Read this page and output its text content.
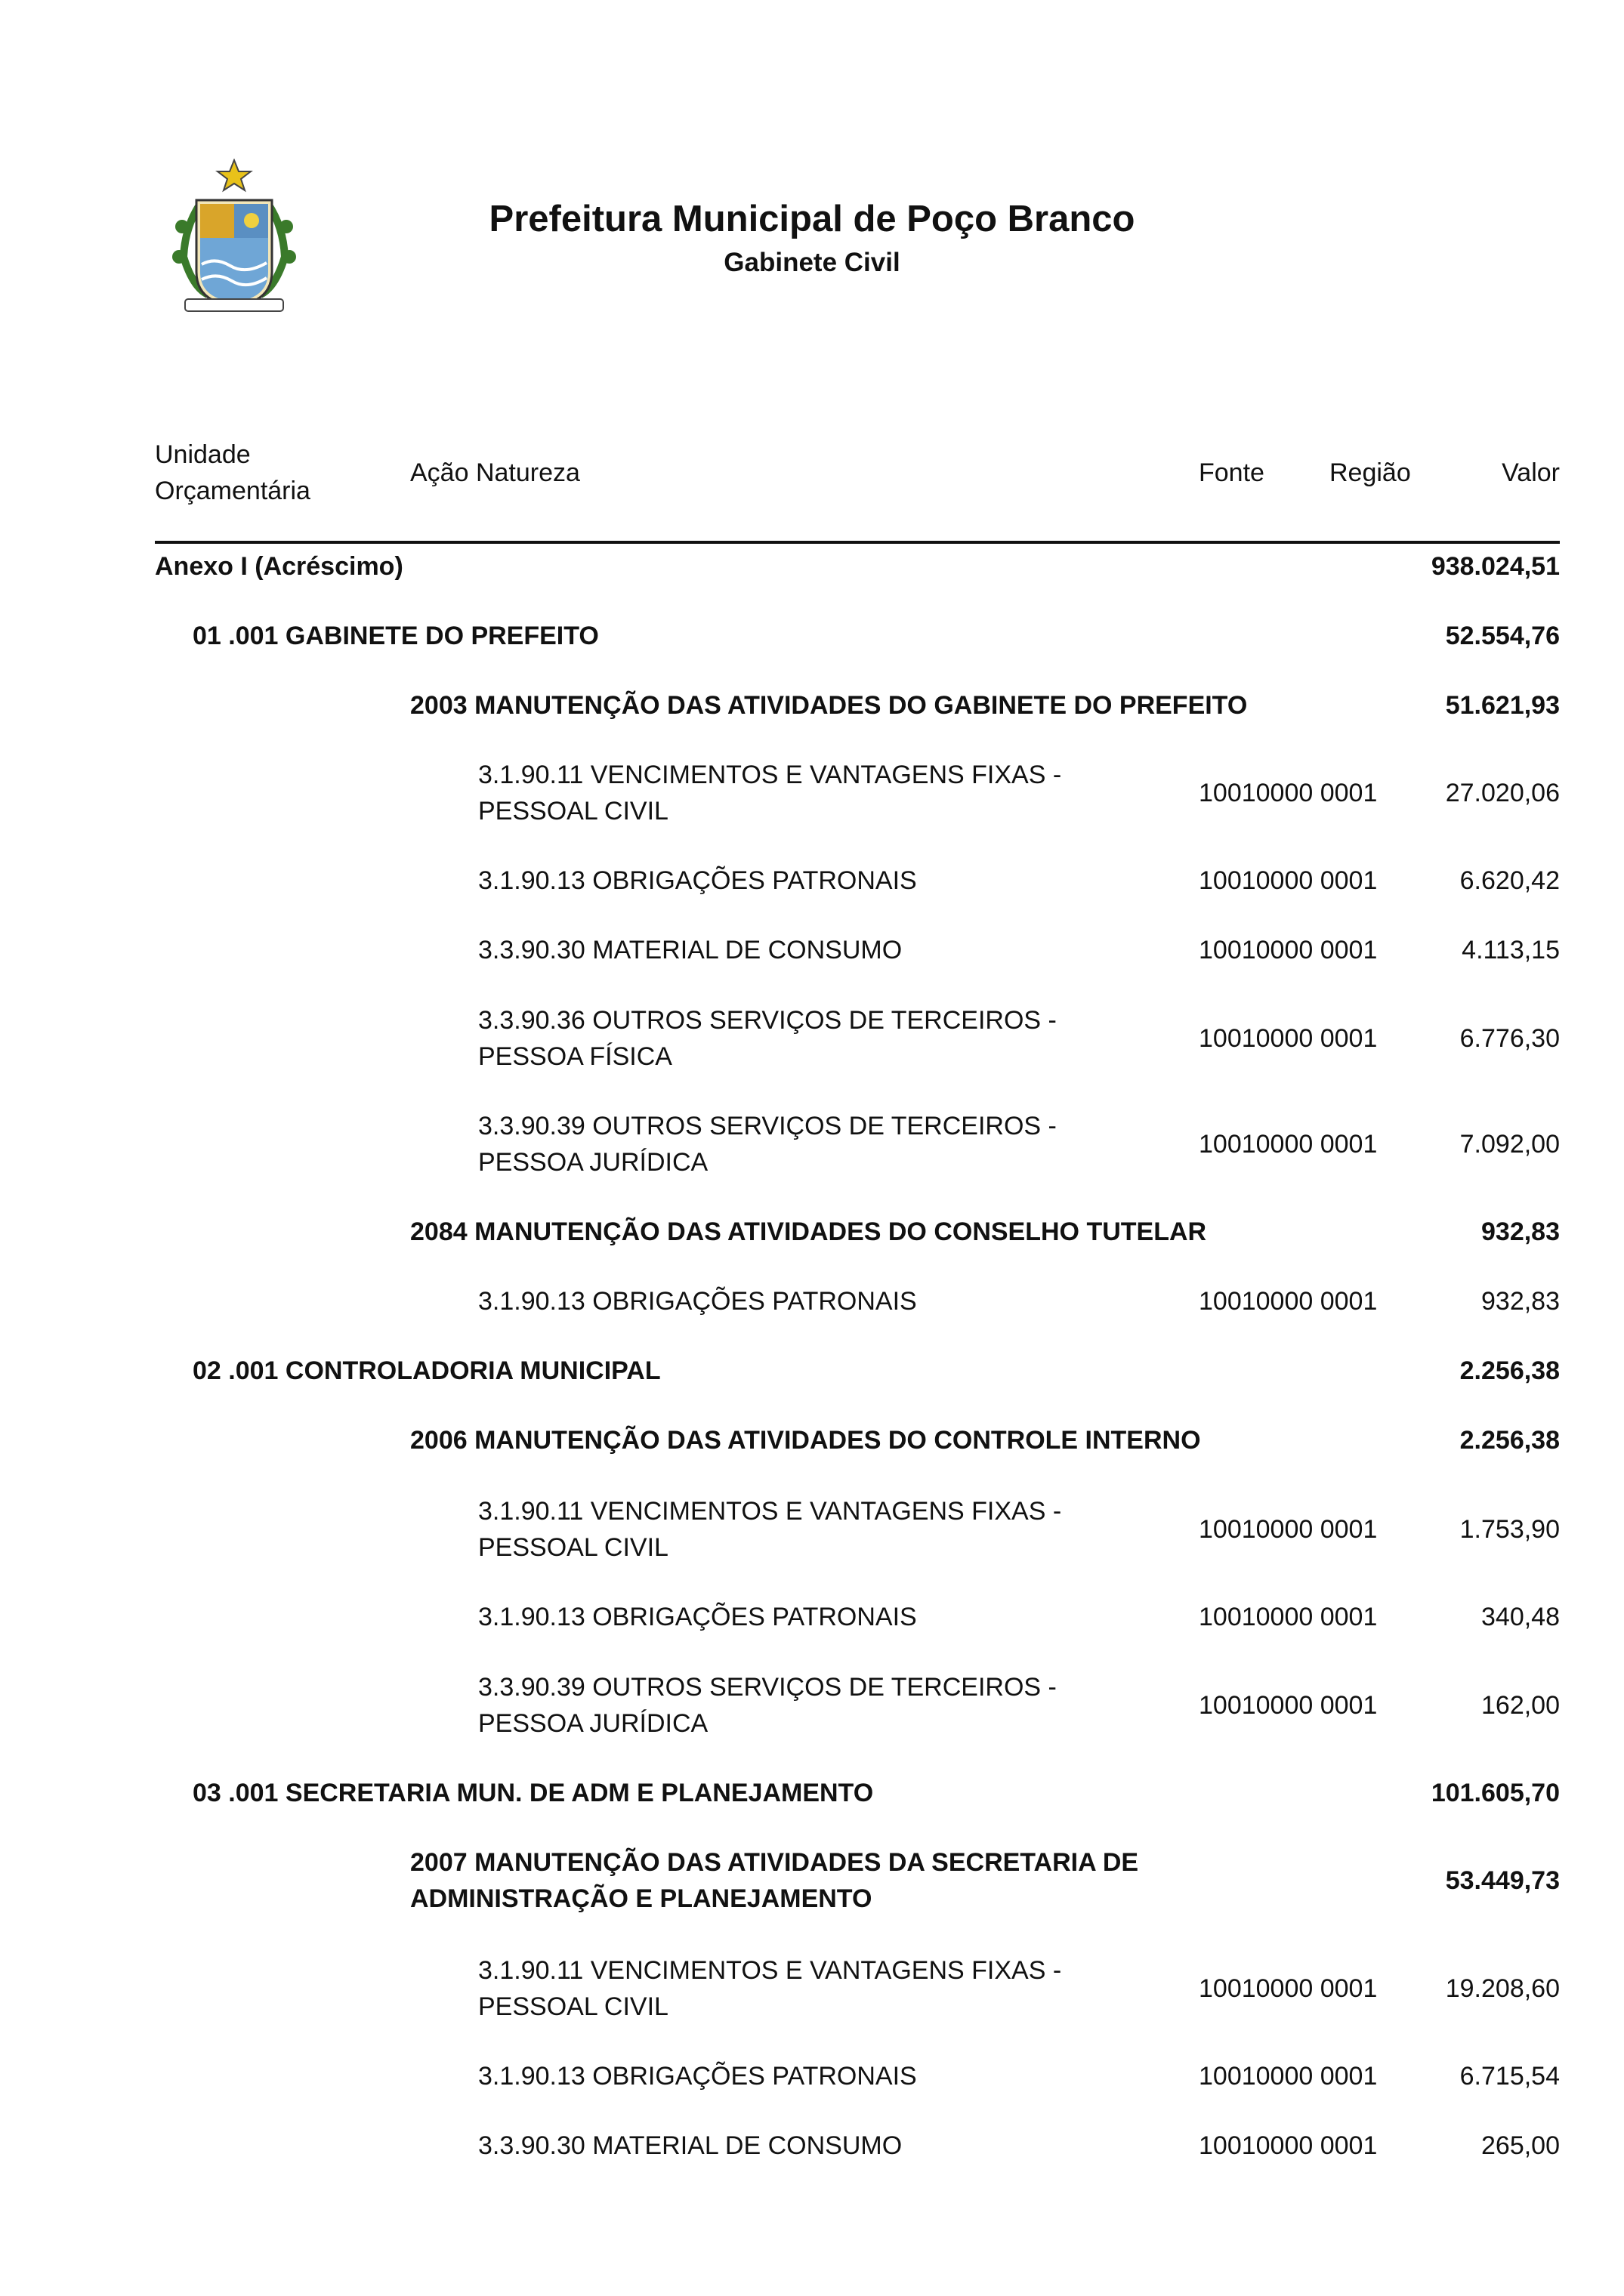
Prefeitura Municipal de Poço Branco
Gabinete Civil
Unidade
Orçamentária
Ação Natureza	Fonte	Região	Valor
Anexo I (Acréscimo)	938.024,51
01 .001 GABINETE DO PREFEITO	52.554,76
2003 MANUTENÇÃO DAS ATIVIDADES DO GABINETE DO PREFEITO	51.621,93
3.1.90.11 VENCIMENTOS E VANTAGENS FIXAS -
PESSOAL CIVIL
10010000 0001	27.020,06
3.1.90.13 OBRIGAÇÕES PATRONAIS	10010000 0001	6.620,42
3.3.90.30 MATERIAL DE CONSUMO	10010000 0001	4.113,15
3.3.90.36 OUTROS SERVIÇOS DE TERCEIROS -
PESSOA FÍSICA
10010000 0001	6.776,30
3.3.90.39 OUTROS SERVIÇOS DE TERCEIROS -
PESSOA JURÍDICA
10010000 0001	7.092,00
2084 MANUTENÇÃO DAS ATIVIDADES DO CONSELHO TUTELAR	932,83
3.1.90.13 OBRIGAÇÕES PATRONAIS	10010000 0001	932,83
02 .001 CONTROLADORIA MUNICIPAL	2.256,38
2006 MANUTENÇÃO DAS ATIVIDADES DO CONTROLE INTERNO	2.256,38
3.1.90.11 VENCIMENTOS E VANTAGENS FIXAS -
PESSOAL CIVIL
10010000 0001	1.753,90
3.1.90.13 OBRIGAÇÕES PATRONAIS	10010000 0001	340,48
3.3.90.39 OUTROS SERVIÇOS DE TERCEIROS -
PESSOA JURÍDICA
10010000 0001	162,00
03 .001 SECRETARIA MUN. DE ADM E PLANEJAMENTO	101.605,70
2007 MANUTENÇÃO DAS ATIVIDADES DA SECRETARIA DE
ADMINISTRAÇÃO E PLANEJAMENTO
53.449,73
3.1.90.11 VENCIMENTOS E VANTAGENS FIXAS -
PESSOAL CIVIL
10010000 0001	19.208,60
3.1.90.13 OBRIGAÇÕES PATRONAIS	10010000 0001	6.715,54
3.3.90.30 MATERIAL DE CONSUMO	10010000 0001	265,00
